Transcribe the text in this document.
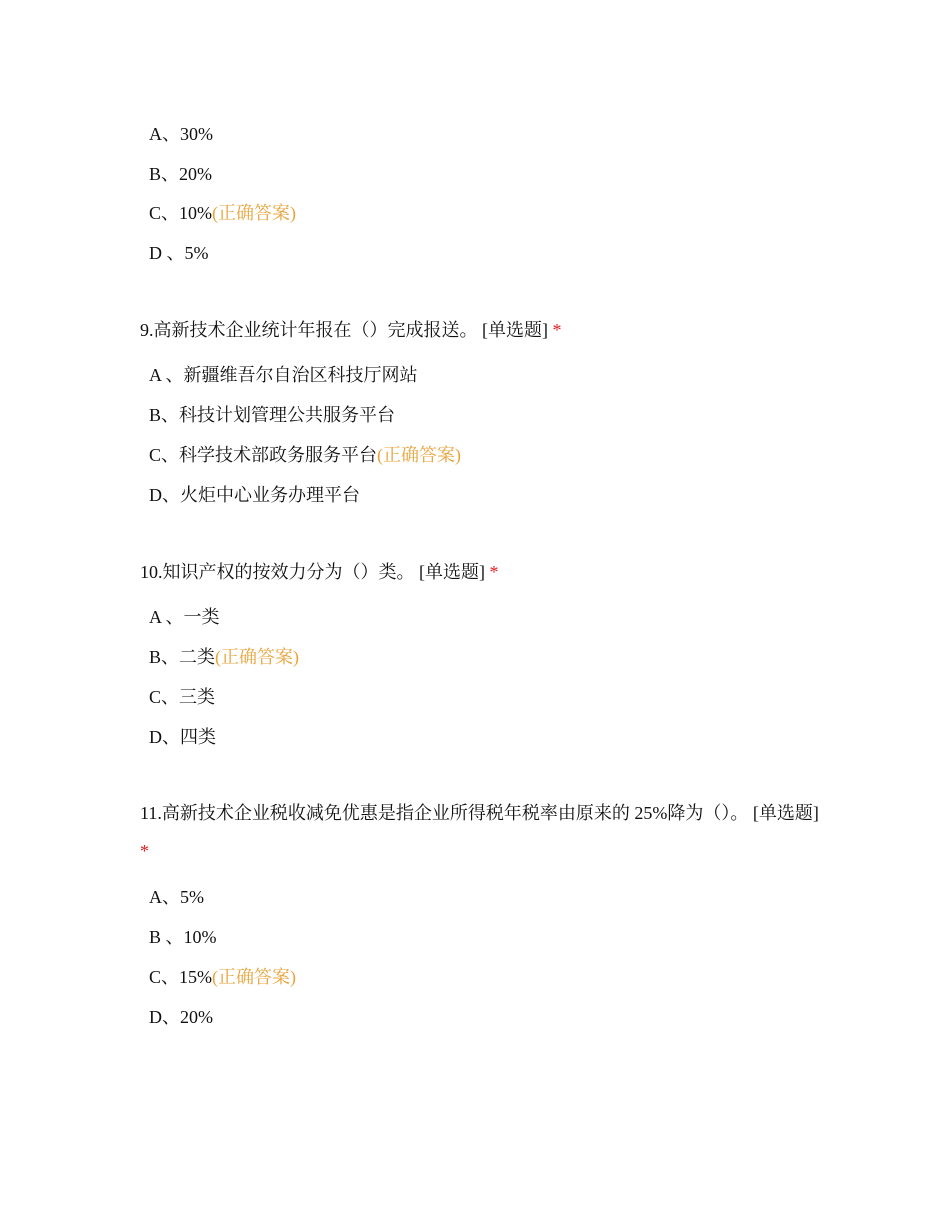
A、30%
B、20%
C、10%(正确答案)
D 、5%
9.高新技术企业统计年报在（）完成报送。 [单选题] *
A 、新疆维吾尔自治区科技厅网站
B、科技计划管理公共服务平台
C、科学技术部政务服务平台(正确答案)
D、火炬中心业务办理平台
10.知识产权的按效力分为（）类。 [单选题] *
A 、一类
B、二类(正确答案)
C、三类
D、四类
11.高新技术企业税收减免优惠是指企业所得税年税率由原来的 25%降为（）。 [单选题] *
A、5%
B 、10%
C、15%(正确答案)
D、20%
